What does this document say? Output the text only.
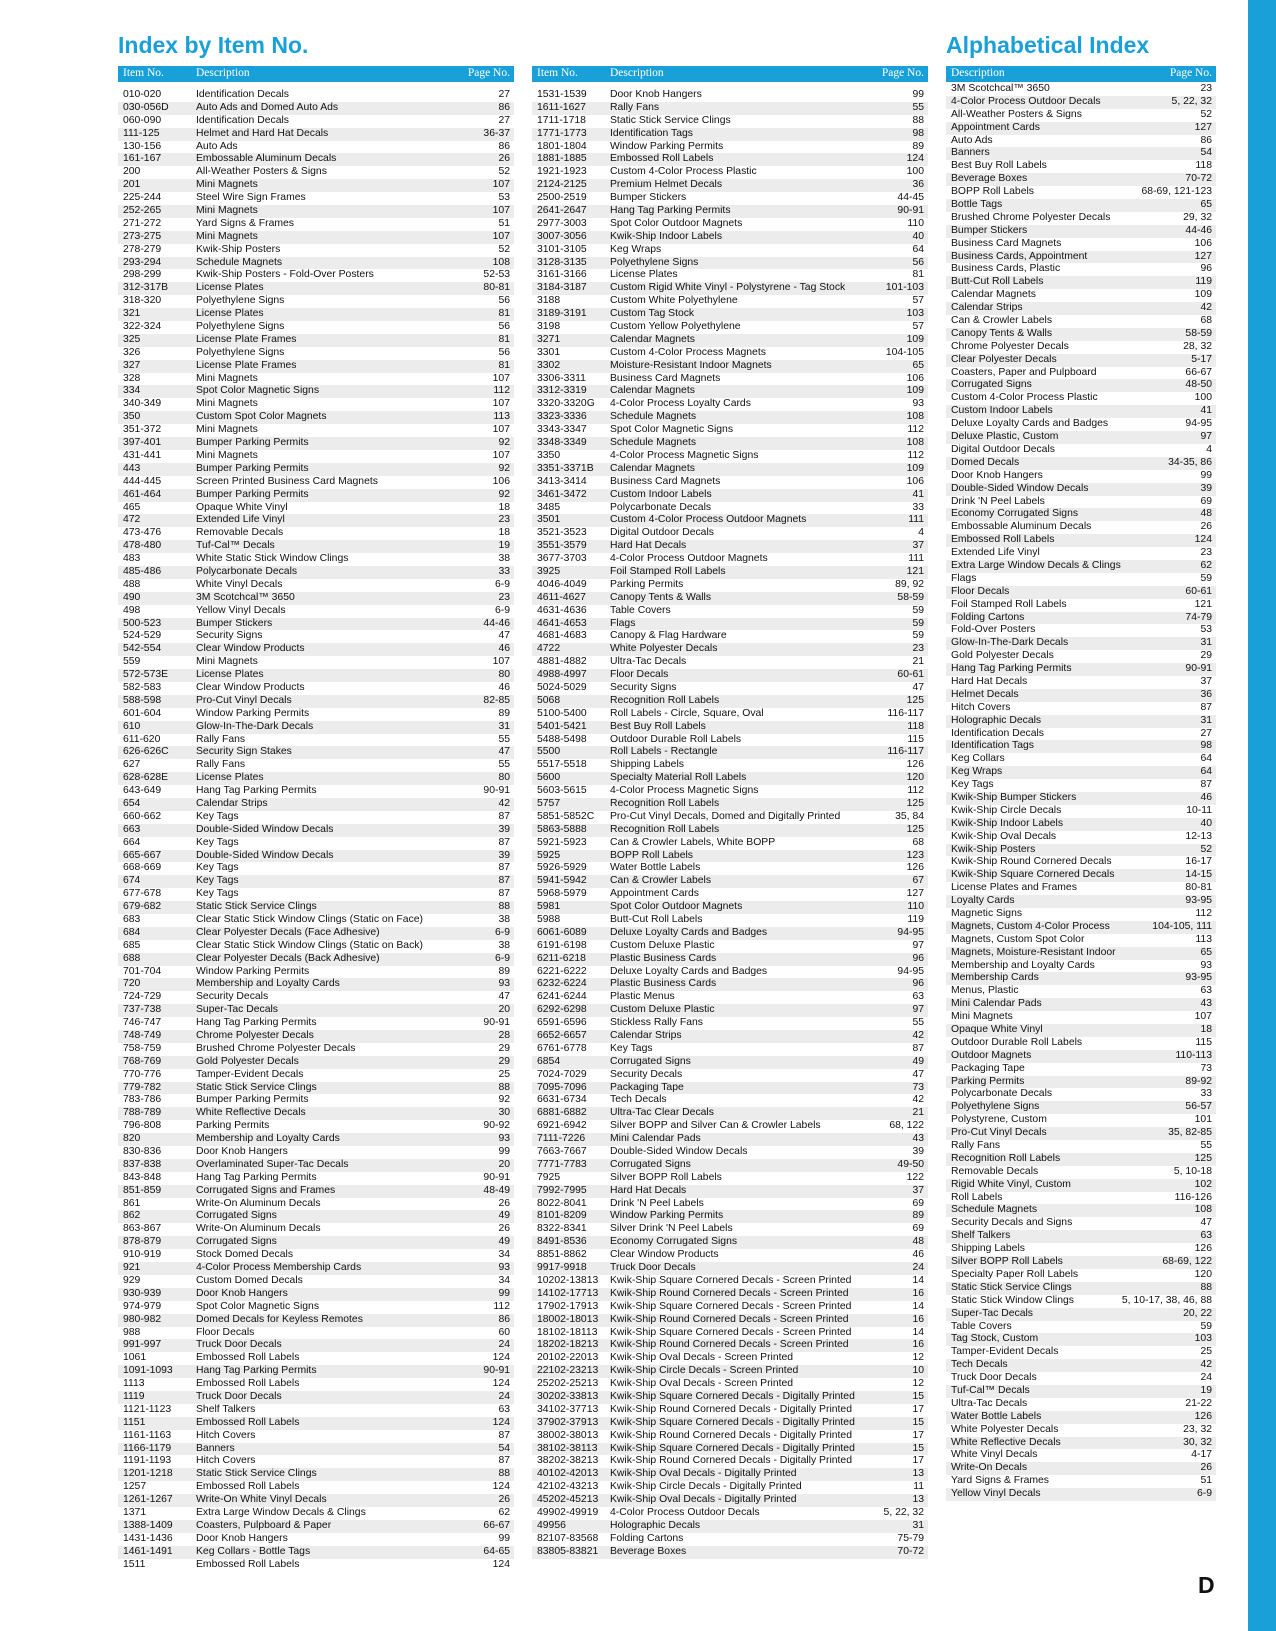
Index by Item No.	Alphabetical Index
Item No.	Description	Page No.
010-020	Identification Decals	27
030-056D	Auto Ads and Domed Auto Ads	86
060-090	Identification Decals	27
111-125	Helmet and Hard Hat Decals	36-37
130-156	Auto Ads	86
161-167	Embossable Aluminum Decals	26
200	All-Weather Posters & Signs	52
201	Mini Magnets	107
225-244	Steel Wire Sign Frames	53
252-265	Mini Magnets	107
271-272	Yard Signs & Frames	51
273-275	Mini Magnets	107
278-279	Kwik-Ship Posters	52
293-294	Schedule Magnets	108
298-299	Kwik-Ship Posters - Fold-Over Posters	52-53
312-317B	License Plates	80-81
318-320	Polyethylene Signs	56
321	License Plates	81
322-324	Polyethylene Signs	56
325	License Plate Frames	81
326	Polyethylene Signs	56
327	License Plate Frames	81
328	Mini Magnets	107
334	Spot Color Magnetic Signs	112
340-349	Mini Magnets	107
350	Custom Spot Color Magnets	113
351-372	Mini Magnets	107
397-401	Bumper Parking Permits	92
431-441	Mini Magnets	107
443	Bumper Parking Permits	92
444-445	Screen Printed Business Card Magnets	106
461-464	Bumper Parking Permits	92
465	Opaque White Vinyl	18
472	Extended Life Vinyl	23
473-476	Removable Decals	18
478-480	Tuf-Cal™ Decals	19
483	White Static Stick Window Clings	38
485-486	Polycarbonate Decals	33
488	White Vinyl Decals	6-9
490	3M Scotchcal™ 3650	23
498	Yellow Vinyl Decals	6-9
500-523	Bumper Stickers	44-46
524-529	Security Signs	47
542-554	Clear Window Products	46
559	Mini Magnets	107
572-573E	License Plates	80
582-583	Clear Window Products	46
588-598	Pro-Cut Vinyl Decals	82-85
601-604	Window Parking Permits	89
610	Glow-In-The-Dark Decals	31
611-620	Rally Fans	55
626-626C	Security Sign Stakes	47
627	Rally Fans	55
628-628E	License Plates	80
643-649	Hang Tag Parking Permits	90-91
654	Calendar Strips	42
660-662	Key Tags	87
663	Double-Sided Window Decals	39
664	Key Tags	87
665-667	Double-Sided Window Decals	39
668-669	Key Tags	87
674	Key Tags	87
677-678	Key Tags	87
679-682	Static Stick Service Clings	88
683	Clear Static Stick Window Clings (Static on Face)	38
684	Clear Polyester Decals (Face Adhesive)	6-9
685	Clear Static Stick Window Clings (Static on Back)	38
688	Clear Polyester Decals (Back Adhesive)	6-9
701-704	Window Parking Permits	89
720	Membership and Loyalty Cards	93
724-729	Security Decals	47
737-738	Super-Tac Decals	20
746-747	Hang Tag Parking Permits	90-91
748-749	Chrome Polyester Decals	28
758-759	Brushed Chrome Polyester Decals	29
768-769	Gold Polyester Decals	29
770-776	Tamper-Evident Decals	25
779-782	Static Stick Service Clings	88
783-786	Bumper Parking Permits	92
788-789	White Reflective Decals	30
796-808	Parking Permits	90-92
820	Membership and Loyalty Cards	93
830-836	Door Knob Hangers	99
837-838	Overlaminated Super-Tac Decals	20
843-848	Hang Tag Parking Permits	90-91
851-859	Corrugated Signs and Frames	48-49
861	Write-On Aluminum Decals	26
862	Corrugated Signs	49
863-867	Write-On Aluminum Decals	26
878-879	Corrugated Signs	49
910-919	Stock Domed Decals	34
921	4-Color Process Membership Cards	93
929	Custom Domed Decals	34
930-939	Door Knob Hangers	99
974-979	Spot Color Magnetic Signs	112
980-982	Domed Decals for Keyless Remotes	86
988	Floor Decals	60
991-997	Truck Door Decals	24
1061	Embossed Roll Labels	124
1091-1093 Hang Tag Parking Permits	90-91
1113	Embossed Roll Labels	124
1119	Truck Door Decals	24
1121-1123 Shelf Talkers	63
1151	Embossed Roll Labels	124
1161-1163 Hitch Covers	87
1166-1179 Banners	54
1191-1193 Hitch Covers	87
1201-1218 Static Stick Service Clings	88
1257	Embossed Roll Labels	124
1261-1267 Write-On White Vinyl Decals	26
1371	Extra Large Window Decals & Clings	62
1388-1409 Coasters, Pulpboard & Paper	66-67
1431-1436 Door Knob Hangers	99
1461-1491 Keg Collars - Bottle Tags	64-65
1511	Embossed Roll Labels	124
Item No.	Description	Page No.
1531-1539 Door Knob Hangers	99
1611-1627 Rally Fans	55
1711-1718 Static Stick Service Clings	88
1771-1773 Identification Tags	98
1801-1804 Window Parking Permits	89
1881-1885 Embossed Roll Labels	124
1921-1923 Custom 4-Color Process Plastic	100
2124-2125 Premium Helmet Decals	36
2500-2519 Bumper Stickers	44-45
2641-2647 Hang Tag Parking Permits	90-91
2977-3003 Spot Color Outdoor Magnets	110
3007-3056 Kwik-Ship Indoor Labels	40
3101-3105 Keg Wraps	64
3128-3135 Polyethylene Signs	56
3161-3166 License Plates	81
3184-3187 Custom Rigid White Vinyl - Polystyrene - Tag Stock	101-103
3188	Custom White Polyethylene	57
3189-3191 Custom Tag Stock	103
3198	Custom Yellow Polyethylene	57
3271	Calendar Magnets	109
3301	Custom 4-Color Process Magnets	104-105
3302	Moisture-Resistant Indoor Magnets	65
3306-3311 Business Card Magnets	106
3312-3319 Calendar Magnets	109
3320-3320G 4-Color Process Loyalty Cards	93
3323-3336 Schedule Magnets	108
3343-3347 Spot Color Magnetic Signs	112
3348-3349 Schedule Magnets	108
3350	4-Color Process Magnetic Signs	112
3351-3371B Calendar Magnets	109
3413-3414 Business Card Magnets	106
3461-3472 Custom Indoor Labels	41
3485	Polycarbonate Decals	33
3501	Custom 4-Color Process Outdoor Magnets	111
3521-3523 Digital Outdoor Decals	4
3551-3579 Hard Hat Decals	37
3677-3703 4-Color Process Outdoor Magnets	111
3925	Foil Stamped Roll Labels	121
4046-4049 Parking Permits	89, 92
4611-4627 Canopy Tents & Walls	58-59
4631-4636 Table Covers	59
4641-4653 Flags	59
4681-4683 Canopy & Flag Hardware	59
4722	White Polyester Decals	23
4881-4882 Ultra-Tac Decals	21
4988-4997 Floor Decals	60-61
5024-5029 Security Signs	47
5068	Recognition Roll Labels	125
5100-5400 Roll Labels - Circle, Square, Oval	116-117
5401-5421 Best Buy Roll Labels	118
5488-5498 Outdoor Durable Roll Labels	115
5500	Roll Labels - Rectangle	116-117
5517-5518 Shipping Labels	126
5600	Specialty Material Roll Labels	120
5603-5615 4-Color Process Magnetic Signs	112
5757	Recognition Roll Labels	125
5851-5852C Pro-Cut Vinyl Decals, Domed and Digitally Printed	35, 84
5863-5888 Recognition Roll Labels	125
5921-5923 Can & Crowler Labels, White BOPP	68
5925	BOPP Roll Labels	123
5926-5929 Water Bottle Labels	126
5941-5942 Can & Crowler Labels	67
5968-5979 Appointment Cards	127
5981	Spot Color Outdoor Magnets	110
5988	Butt-Cut Roll Labels	119
6061-6089 Deluxe Loyalty Cards and Badges	94-95
6191-6198 Custom Deluxe Plastic	97
6211-6218 Plastic Business Cards	96
6221-6222 Deluxe Loyalty Cards and Badges	94-95
6232-6224 Plastic Business Cards	96
6241-6244 Plastic Menus	63
6292-6298 Custom Deluxe Plastic	97
6591-6596 Stickless Rally Fans	55
6652-6657 Calendar Strips	42
6761-6778 Key Tags	87
6854	Corrugated Signs	49
7024-7029 Security Decals	47
7095-7096 Packaging Tape	73
6631-6734 Tech Decals	42
6881-6882 Ultra-Tac Clear Decals	21
6921-6942 Silver BOPP and Silver Can & Crowler Labels	68, 122
7111-7226 Mini Calendar Pads	43
7663-7667 Double-Sided Window Decals	39
7771-7783 Corrugated Signs	49-50
7925	Silver BOPP Roll Labels	122
7992-7995 Hard Hat Decals	37
8022-8041 Drink 'N Peel Labels	69
8101-8209 Window Parking Permits	89
8322-8341 Silver Drink 'N Peel Labels	69
8491-8536 Economy Corrugated Signs	48
8851-8862 Clear Window Products	46
9917-9918 Truck Door Decals	24
10202-13813 Kwik-Ship Square Cornered Decals - Screen Printed	14
14102-17713 Kwik-Ship Round Cornered Decals - Screen Printed	16
17902-17913 Kwik-Ship Square Cornered Decals - Screen Printed	14
18002-18013 Kwik-Ship Round Cornered Decals - Screen Printed	16
18102-18113 Kwik-Ship Square Cornered Decals - Screen Printed	14
18202-18213 Kwik-Ship Round Cornered Decals - Screen Printed	16
20102-22013 Kwik-Ship Oval Decals - Screen Printed	12
22102-23213 Kwik-Ship Circle Decals - Screen Printed	10
25202-25213 Kwik-Ship Oval Decals - Screen Printed	12
30202-33813 Kwik-Ship Square Cornered Decals - Digitally Printed	15
34102-37713 Kwik-Ship Round Cornered Decals - Digitally Printed	17
37902-37913 Kwik-Ship Square Cornered Decals - Digitally Printed	15
38002-38013 Kwik-Ship Round Cornered Decals - Digitally Printed	17
38102-38113 Kwik-Ship Square Cornered Decals - Digitally Printed	15
38202-38213 Kwik-Ship Round Cornered Decals - Digitally Printed	17
40102-42013 Kwik-Ship Oval Decals - Digitally Printed	13
42102-43213 Kwik-Ship Circle Decals - Digitally Printed	11
45202-45213 Kwik-Ship Oval Decals - Digitally Printed	13
49902-49919 4-Color Process Outdoor Decals	5, 22, 32
49956	Holographic Decals	31
82107-83568 Folding Cartons	75-79
83805-83821 Beverage Boxes	70-72
Description	Page No.
3M Scotchcal™ 3650	23
4-Color Process Outdoor Decals	5, 22, 32
All-Weather Posters & Signs	52
Appointment Cards	127
Auto Ads	86
Banners	54
Best Buy Roll Labels	118
Beverage Boxes	70-72
BOPP Roll Labels	68-69, 121-123
Bottle Tags	65
Brushed Chrome Polyester Decals	29, 32
Bumper Stickers	44-46
Business Card Magnets	106
Business Cards, Appointment	127
Business Cards, Plastic	96
Butt-Cut Roll Labels	119
Calendar Magnets	109
Calendar Strips	42
Can & Crowler Labels	68
Canopy Tents & Walls	58-59
Chrome Polyester Decals	28, 32
Clear Polyester Decals	5-17
Coasters, Paper and Pulpboard	66-67
Corrugated Signs	48-50
Custom 4-Color Process Plastic	100
Custom Indoor Labels	41
Deluxe Loyalty Cards and Badges	94-95
Deluxe Plastic, Custom	97
Digital Outdoor Decals	4
Domed Decals	34-35, 86
Door Knob Hangers	99
Double-Sided Window Decals	39
Drink 'N Peel Labels	69
Economy Corrugated Signs	48
Embossable Aluminum Decals	26
Embossed Roll Labels	124
Extended Life Vinyl	23
Extra Large Window Decals & Clings	62
Flags	59
Floor Decals	60-61
Foil Stamped Roll Labels	121
Folding Cartons	74-79
Fold-Over Posters	53
Glow-In-The-Dark Decals	31
Gold Polyester Decals	29
Hang Tag Parking Permits	90-91
Hard Hat Decals	37
Helmet Decals	36
Hitch Covers	87
Holographic Decals	31
Identification Decals	27
Identification Tags	98
Keg Collars	64
Keg Wraps	64
Key Tags	87
Kwik-Ship Bumper Stickers	46
Kwik-Ship Circle Decals	10-11
Kwik-Ship Indoor Labels	40
Kwik-Ship Oval Decals	12-13
Kwik-Ship Posters	52
Kwik-Ship Round Cornered Decals	16-17
Kwik-Ship Square Cornered Decals	14-15
License Plates and Frames	80-81
Loyalty Cards	93-95
Magnetic Signs	112
Magnets, Custom 4-Color Process	104-105, 111
Magnets, Custom Spot Color	113
Magnets, Moisture-Resistant Indoor	65
Membership and Loyalty Cards	93
Membership Cards	93-95
Menus, Plastic	63
Mini Calendar Pads	43
Mini Magnets	107
Opaque White Vinyl	18
Outdoor Durable Roll Labels	115
Outdoor Magnets	110-113
Packaging Tape	73
Parking Permits	89-92
Polycarbonate Decals	33
Polyethylene Signs	56-57
Polystyrene, Custom	101
Pro-Cut Vinyl Decals	35, 82-85
Rally Fans	55
Recognition Roll Labels	125
Removable Decals	5, 10-18
Rigid White Vinyl, Custom	102
Roll Labels	116-126
Schedule Magnets	108
Security Decals and Signs	47
Shelf Talkers	63
Shipping Labels	126
Silver BOPP Roll Labels	68-69, 122
Specialty Paper Roll Labels	120
Static Stick Service Clings	88
Static Stick Window Clings	5, 10-17, 38, 46, 88
Super-Tac Decals	20, 22
Table Covers	59
Tag Stock, Custom	103
Tamper-Evident Decals	25
Tech Decals	42
Truck Door Decals	24
Tuf-Cal™ Decals	19
Ultra-Tac Decals	21-22
Water Bottle Labels	126
White Polyester Decals	23, 32
White Reflective Decals	30, 32
White Vinyl Decals	4-17
Write-On Decals	26
Yard Signs & Frames	51
Yellow Vinyl Decals	6-9
D
